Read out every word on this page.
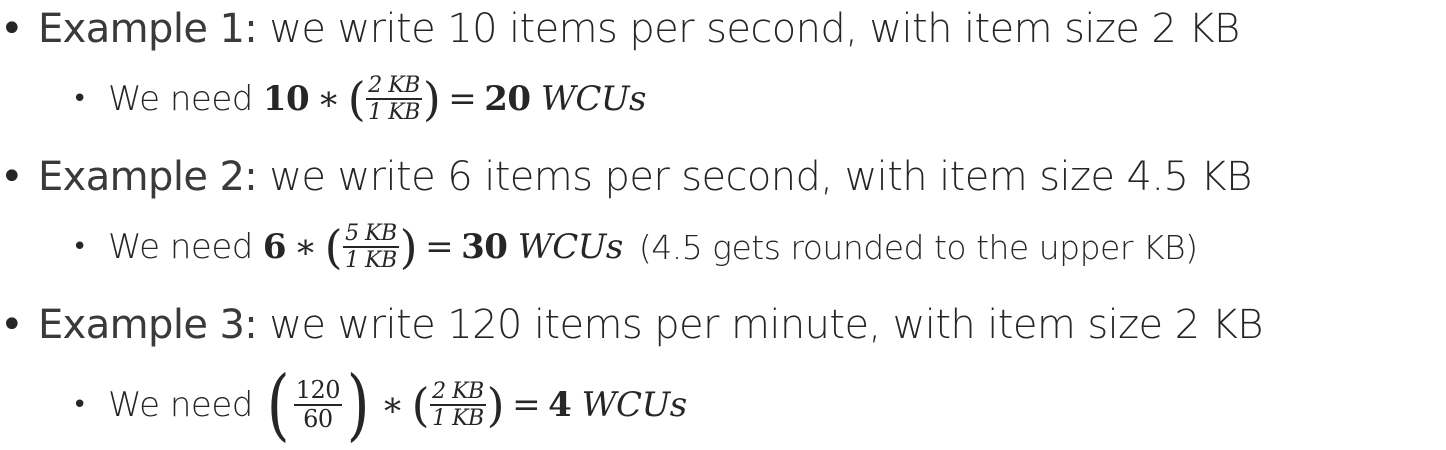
• Example 1:
we write 10 items per second, with item size 2 KB
• We need 10 ∗ ( $\frac{2 KB}{1 KB}$ ) = 20
WCUs
• Example 2:
we write 6 items per second, with item size 4.5 KB
• We need 6 ∗ ( $\frac{5 KB}{1 KB}$ ) = 30
WCUs (4.5 gets rounded to the upper KB)
• Example 3:
we write 120 items per minute, with item size 2 KB
• We need ( $\frac{120}{60}$ ) ∗ ( $\frac{2 KB}{1 KB}$ ) = 4
WCUs
